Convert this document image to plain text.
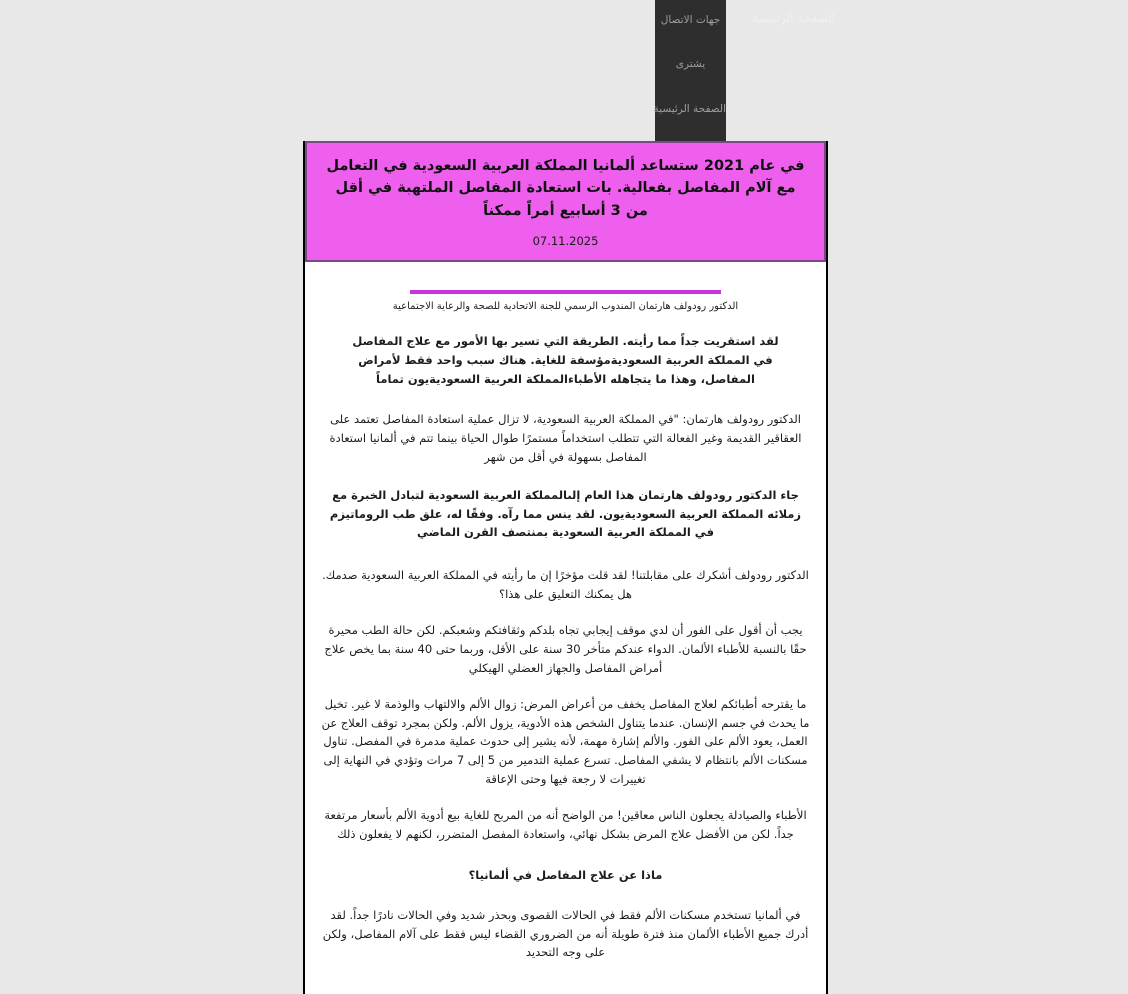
جهات الاتصال
يشترى
الصفحة الرئيسية
الصفحة الرئيسية
في عام 2021 ستساعد ألمانيا المملكة العربية السعودية في التعامل مع آلام المفاصل بفعالية. بات استعادة المفاصل الملتهبة في أقل من 3 أسابيع أمراً ممكناً
07.11.2025
الدكتور رودولف هارتمان المندوب الرسمي للجنة الاتحادية للصحة والرعاية الاجتماعية

لقد استقريت جداً مما رأيته. الطريقة التي تسير بها الأمور مع علاج المفاصل في المملكة العربية السعوديةمؤسفة للغاية. هناك سبب واحد فقط لأمراض المفاصل، وهذا ما يتجاهله الأطباءالمملكة العربية السعوديةيون تماماً

الدكتور رودولف هارتمان: "في المملكة العربية السعودية، لا تزال عملية استعادة المفاصل تعتمد على العقاقير القديمة وغير الفعالة التي تتطلب استخداماً مستمرًا طوال الحياة بينما تتم في ألمانيا استعادة المفاصل بسهولة في أقل من شهر

جاء الدكتور رودولف هارتمان هذا العام إلىالمملكة العربية السعودية لتبادل الخبرة مع زملائه المملكة العربية السعوديةيون. لقد ينس مما رآه. وفقًا له، علق طب الروماتيزم في المملكة العربية السعودية بمنتصف القرن الماضي

الدكتور رودولف أشكرك على مقابلتنا! لقد قلت مؤخرًا إن ما رأيته في المملكة العربية السعودية صدمك. هل يمكنك التعليق على هذا؟

يجب أن أقول على الفور أن لدي موقف إيجابي تجاه بلدكم وثقافتكم وشعبكم. لكن حالة الطب محيرة حقًا بالنسبة للأطباء الألمان. الدواء عندكم متأخر 30 سنة على الأقل، وربما حتى 40 سنة بما يخص علاج أمراض المفاصل والجهاز العضلي الهيكلي

ما يقترحه أطبائكم لعلاج المفاصل يخفف من أعراض المرض: زوال الألم والالتهاب والوذمة لا غير. تخيل ما يحدث في جسم الإنسان. عندما يتناول الشخص هذه الأدوية، يزول الألم. ولكن بمجرد توقف العلاج عن العمل، يعود الألم على الفور. والألم إشارة مهمة، لأنه يشير إلى حدوث عملية مدمرة في المفصل. تناول مسكنات الألم بانتظام لا يشفي المفاصل. تسرع عملية التدمير من 5 إلى 7 مرات وتؤدي في النهاية إلى تغييرات لا رجعة فيها وحتى الإعاقة

الأطباء والصيادلة يجعلون الناس معاقين! من الواضح أنه من المربح للغاية بيع أدوية الألم بأسعار مرتفعة جداً. لكن من الأفضل علاج المرض بشكل نهائي، واستعادة المفصل المتضرر، لكنهم لا يفعلون ذلك

ماذا عن علاج المفاصل في ألمانيا؟

في ألمانيا تستخدم مسكنات الألم فقط في الحالات القصوى وبحذر شديد وفي الحالات نادرًا جداً. لقد أدرك جميع الأطباء الألمان منذ فترة طويلة أنه من الضروري القضاء ليس فقط على آلام المفاصل، ولكن على وجه التحديد
